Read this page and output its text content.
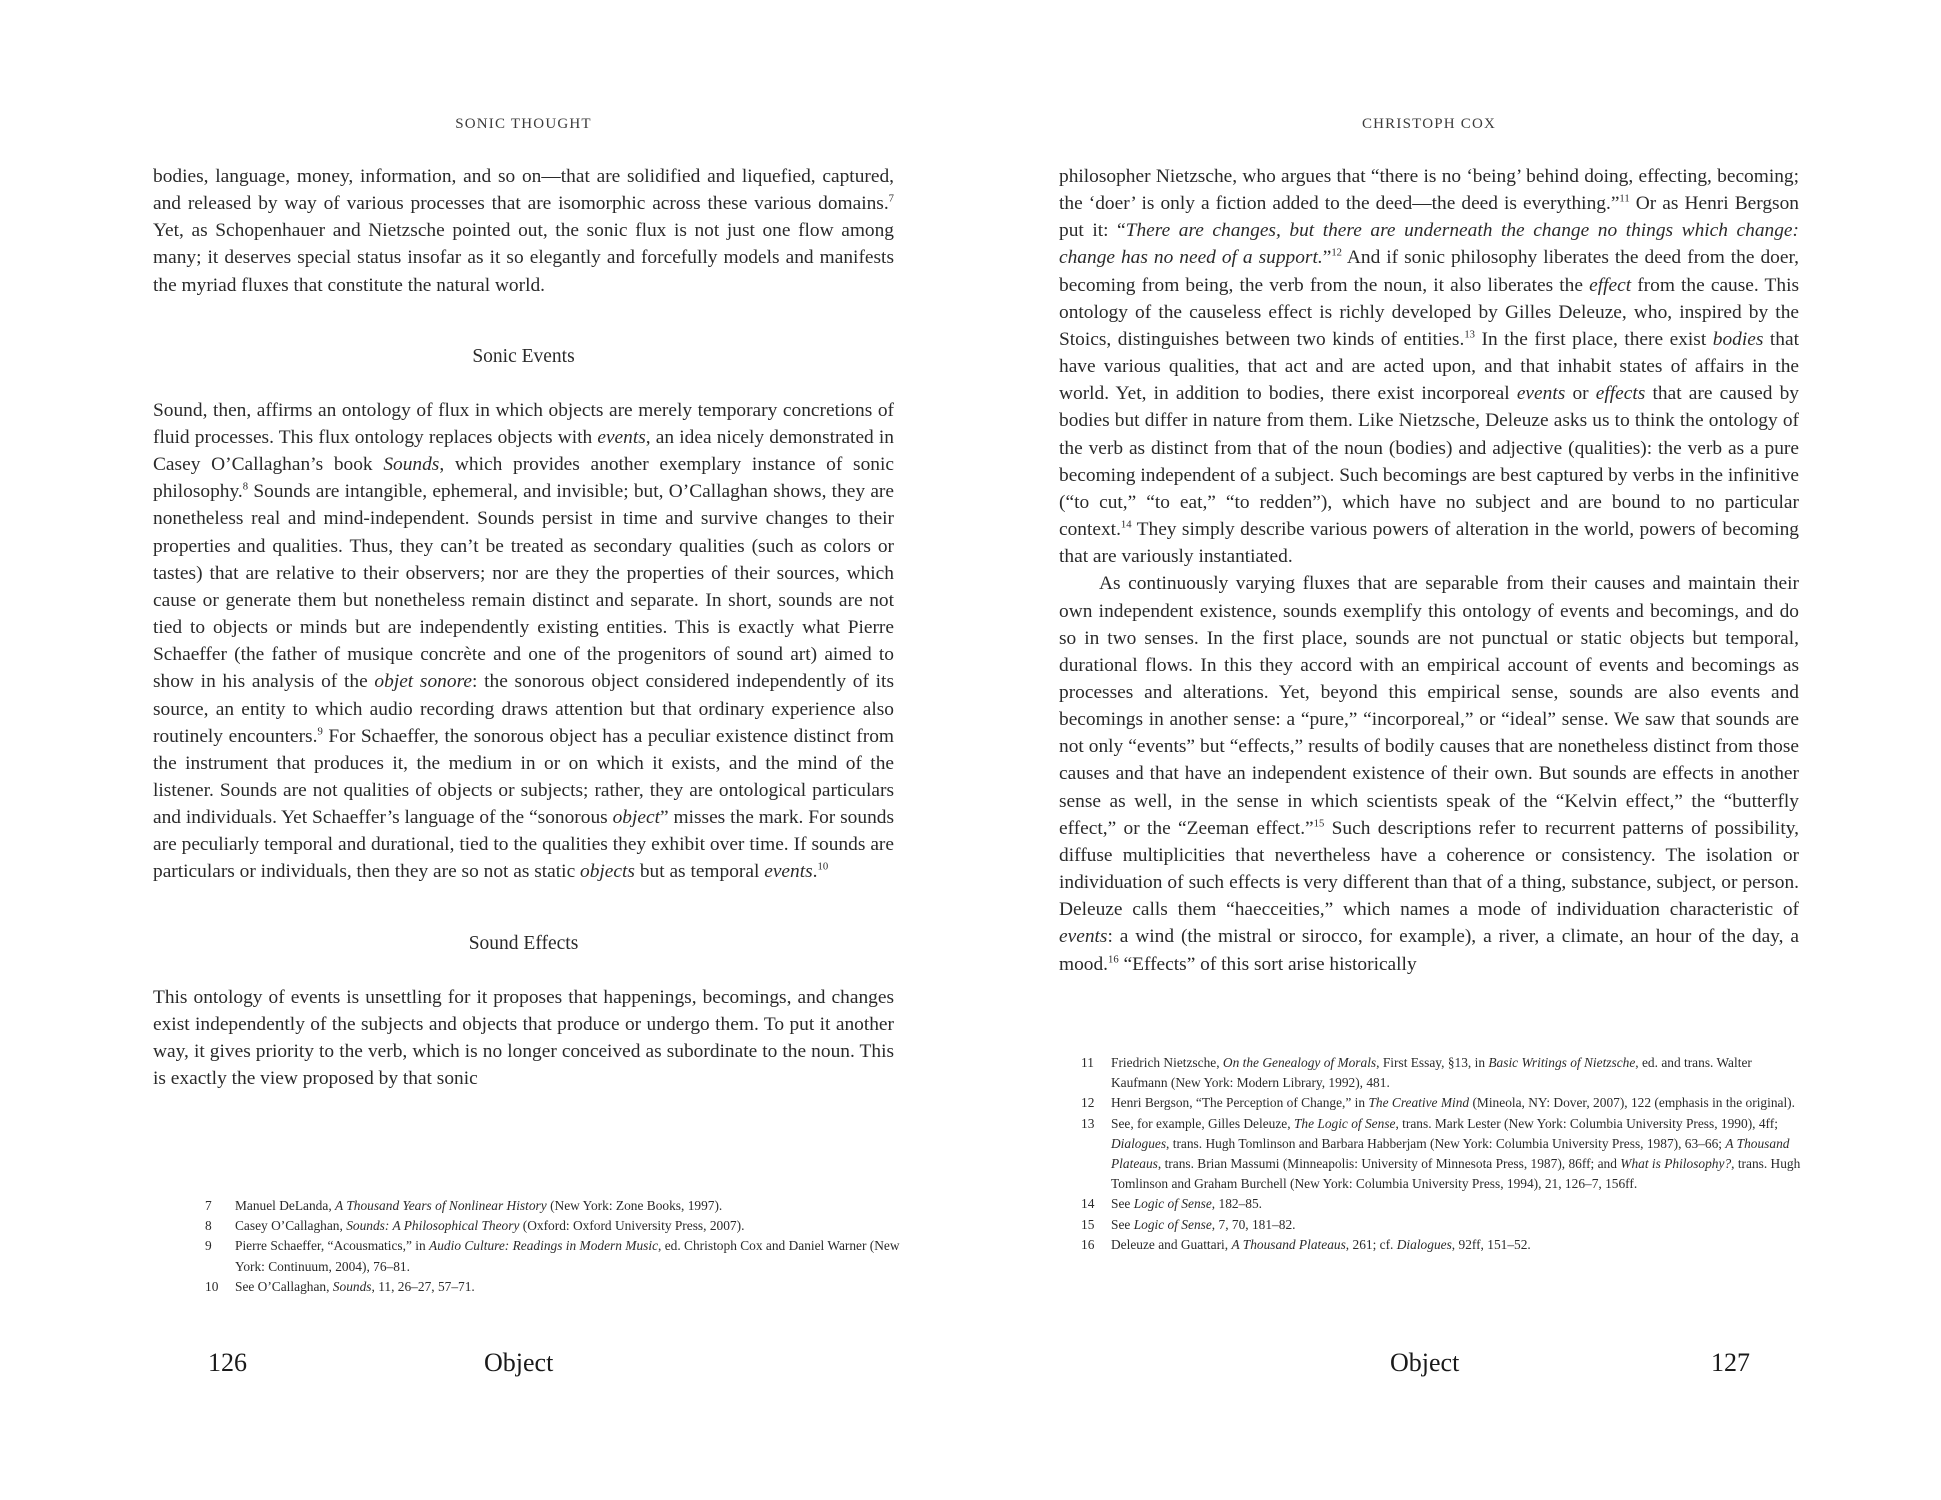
SONIC THOUGHT

bodies, language, money, information, and so on—that are solidified and liquefied, captured, and released by way of various processes that are isomorphic across these various domains.$^7$ Yet, as Schopenhauer and Nietzsche pointed out, the sonic flux is not just one flow among many; it deserves special status insofar as it so elegantly and forcefully models and manifests the myriad fluxes that constitute the natural world.

Sonic Events

Sound, then, affirms an ontology of flux in which objects are merely temporary concretions of fluid processes. This flux ontology replaces objects with events, an idea nicely demonstrated in Casey O’Callaghan’s book Sounds, which provides another exemplary instance of sonic philosophy.$^8$ Sounds are intangible, ephemeral, and invisible; but, O’Callaghan shows, they are nonetheless real and mind-independent. Sounds persist in time and survive changes to their properties and qualities. Thus, they can’t be treated as secondary qualities (such as colors or tastes) that are relative to their observers; nor are they the properties of their sources, which cause or generate them but nonetheless remain distinct and separate. In short, sounds are not tied to objects or minds but are independently existing entities. This is exactly what Pierre Schaeffer (the father of musique concrète and one of the progenitors of sound art) aimed to show in his analysis of the objet sonore: the sonorous object considered independently of its source, an entity to which audio recording draws attention but that ordinary experience also routinely encounters.$^9$ For Schaeffer, the sonorous object has a peculiar existence distinct from the instrument that produces it, the medium in or on which it exists, and the mind of the listener. Sounds are not qualities of objects or subjects; rather, they are ontological particulars and individuals. Yet Schaeffer’s language of the “sonorous object” misses the mark. For sounds are peculiarly temporal and durational, tied to the qualities they exhibit over time. If sounds are particulars or individuals, then they are so not as static objects but as temporal events.$^{10}$

Sound Effects

This ontology of events is unsettling for it proposes that happenings, becomings, and changes exist independently of the subjects and objects that produce or undergo them. To put it another way, it gives priority to the verb, which is no longer conceived as subordinate to the noun. This is exactly the view proposed by that sonic

7 Manuel DeLanda, A Thousand Years of Nonlinear History (New York: Zone Books, 1997).

8 Casey O’Callaghan, Sounds: A Philosophical Theory (Oxford: Oxford University Press, 2007).

9 Pierre Schaeffer, “Acousmatics,” in Audio Culture: Readings in Modern Music, ed. Christoph Cox and Daniel Warner (New York: Continuum, 2004), 76–81.

10 See O’Callaghan, Sounds, 11, 26–27, 57–71.

126	Object
CHRISTOPH COX

philosopher Nietzsche, who argues that “there is no ‘being’ behind doing, effecting, becoming; the ‘doer’ is only a fiction added to the deed—the deed is everything.”$^{11}$ Or as Henri Bergson put it: “There are changes, but there are underneath the change no things which change: change has no need of a support.”$^{12}$ And if sonic philosophy liberates the deed from the doer, becoming from being, the verb from the noun, it also liberates the effect from the cause. This ontology of the causeless effect is richly developed by Gilles Deleuze, who, inspired by the Stoics, distinguishes between two kinds of entities.$^{13}$ In the first place, there exist bodies that have various qualities, that act and are acted upon, and that inhabit states of affairs in the world. Yet, in addition to bodies, there exist incorporeal events or effects that are caused by bodies but differ in nature from them. Like Nietzsche, Deleuze asks us to think the ontology of the verb as distinct from that of the noun (bodies) and adjective (qualities): the verb as a pure becoming independent of a subject. Such becomings are best captured by verbs in the infinitive (“to cut,” “to eat,” “to redden”), which have no subject and are bound to no particular context.$^{14}$ They simply describe various powers of alteration in the world, powers of becoming that are variously instantiated.

As continuously varying fluxes that are separable from their causes and maintain their own independent existence, sounds exemplify this ontology of events and becomings, and do so in two senses. In the first place, sounds are not punctual or static objects but temporal, durational flows. In this they accord with an empirical account of events and becomings as processes and alterations. Yet, beyond this empirical sense, sounds are also events and becomings in another sense: a “pure,” “incorporeal,” or “ideal” sense. We saw that sounds are not only “events” but “effects,” results of bodily causes that are nonetheless distinct from those causes and that have an independent existence of their own. But sounds are effects in another sense as well, in the sense in which scientists speak of the “Kelvin effect,” the “butterfly effect,” or the “Zeeman effect.”$^{15}$ Such descriptions refer to recurrent patterns of possibility, diffuse multiplicities that nevertheless have a coherence or consistency. The isolation or individuation of such effects is very different than that of a thing, substance, subject, or person. Deleuze calls them “haecceities,” which names a mode of individuation characteristic of events: a wind (the mistral or sirocco, for example), a river, a climate, an hour of the day, a mood.$^{16}$ “Effects” of this sort arise historically

11 Friedrich Nietzsche, On the Genealogy of Morals, First Essay, §13, in Basic Writings of Nietzsche, ed. and trans. Walter Kaufmann (New York: Modern Library, 1992), 481.

12 Henri Bergson, “The Perception of Change,” in The Creative Mind (Mineola, NY: Dover, 2007), 122 (emphasis in the original).

13 See, for example, Gilles Deleuze, The Logic of Sense, trans. Mark Lester (New York: Columbia University Press, 1990), 4ff; Dialogues, trans. Hugh Tomlinson and Barbara Habberjam (New York: Columbia University Press, 1987), 63–66; A Thousand Plateaus, trans. Brian Massumi (Minneapolis: University of Minnesota Press, 1987), 86ff; and What is Philosophy?, trans. Hugh Tomlinson and Graham Burchell (New York: Columbia University Press, 1994), 21, 126–7, 156ff.

14 See Logic of Sense, 182–85.

15 See Logic of Sense, 7, 70, 181–82.

16 Deleuze and Guattari, A Thousand Plateaus, 261; cf. Dialogues, 92ff, 151–52.

Object	127
